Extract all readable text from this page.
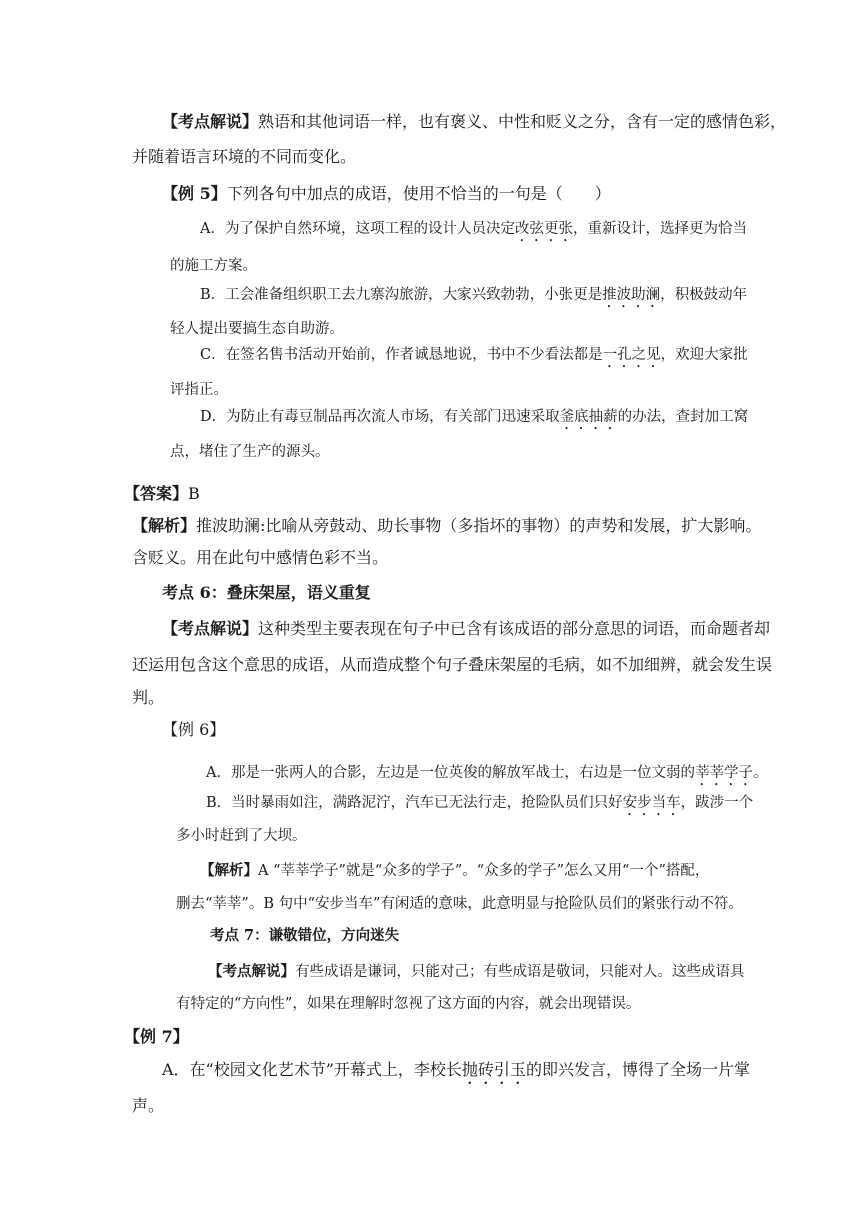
【考点解说】熟语和其他词语一样，也有褒义、中性和贬义之分，含有一定的感情色彩，
并随着语言环境的不同而变化。
【例 5】下列各句中加点的成语，使用不恰当的一句是（　　）
A．为了保护自然环境，这项工程的设计人员决定改弦更张，重新设计，选择更为恰当
的施工方案。
B．工会准备组织职工去九寨沟旅游，大家兴致勃勃，小张更是推波助澜，积极鼓动年
轻人提出要搞生态自助游。
C．在签名售书活动开始前，作者诚恳地说，书中不少看法都是一孔之见，欢迎大家批
评指正。
D．为防止有毒豆制品再次流人市场，有关部门迅速采取釜底抽薪的办法，查封加工窝
点，堵住了生产的源头。
【答案】B
【解析】推波助澜:比喻从旁鼓动、助长事物（多指坏的事物）的声势和发展，扩大影响。
含贬义。用在此句中感情色彩不当。
考点 6：叠床架屋，语义重复
【考点解说】这种类型主要表现在句子中已含有该成语的部分意思的词语，而命题者却
还运用包含这个意思的成语，从而造成整个句子叠床架屋的毛病，如不加细辨，就会发生误
判。
【例 6】
A．那是一张两人的合影，左边是一位英俊的解放军战士，右边是一位文弱的莘莘学子。
B．当时暴雨如注，满路泥泞，汽车已无法行走，抢险队员们只好安步当车，跋涉一个
多小时赶到了大坝。
【解析】A “莘莘学子”就是“众多的学子”。“众多的学子”怎么又用“一个”搭配，
删去“莘莘”。B 句中“安步当车”有闲适的意味，此意明显与抢险队员们的紧张行动不符。
考点 7：谦敬错位，方向迷失
【考点解说】有些成语是谦词，只能对己；有些成语是敬词，只能对人。这些成语具
有特定的“方向性”，如果在理解时忽视了这方面的内容，就会出现错误。
【例 7】
A．在“校园文化艺术节”开幕式上，李校长抛砖引玉的即兴发言，博得了全场一片掌
声。
